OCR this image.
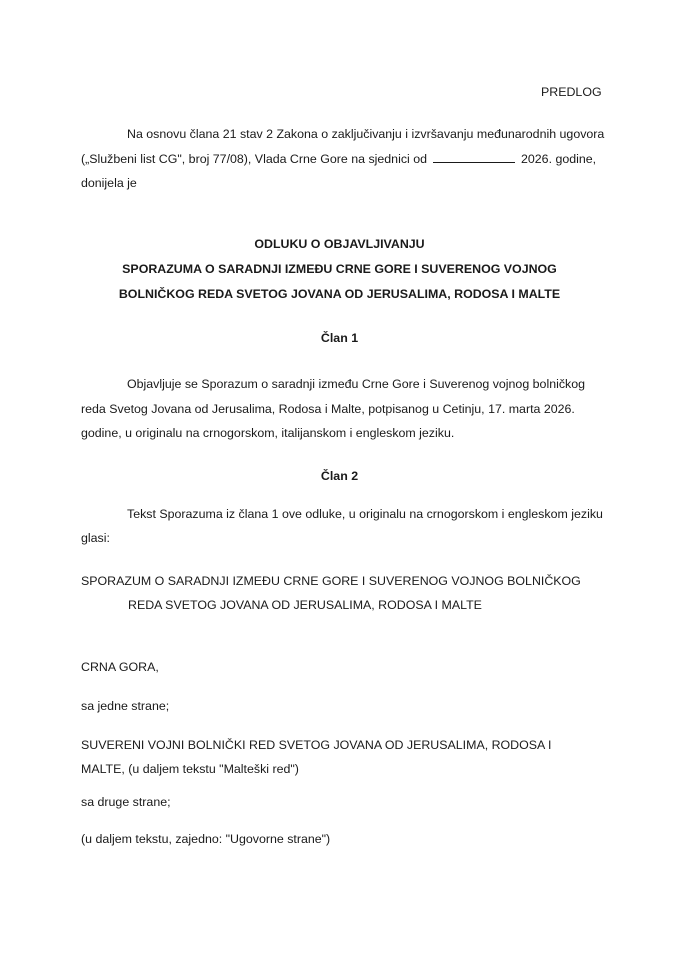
PREDLOG
Na osnovu člana 21 stav 2 Zakona o zaključivanju i izvršavanju međunarodnih ugovora
(„Službeni list CG", broj 77/08), Vlada Crne Gore na sjednici od	2026. godine,
donijela je
ODLUKU O OBJAVLJIVANJU
SPORAZUMA O SARADNJI IZMEĐU CRNE GORE I SUVERENOG VOJNOG
BOLNIČKOG REDA SVETOG JOVANA OD JERUSALIMA, RODOSA I MALTE
Član 1
Objavljuje se Sporazum o saradnji između Crne Gore i Suverenog vojnog bolničkog
reda Svetog Jovana od Jerusalima, Rodosa i Malte, potpisanog u Cetinju, 17. marta 2026.
godine, u originalu na crnogorskom, italijanskom i engleskom jeziku.
Član 2
Tekst Sporazuma iz člana 1 ove odluke, u originalu na crnogorskom i engleskom jeziku
glasi:
SPORAZUM O SARADNJI IZMEĐU CRNE GORE I SUVERENOG VOJNOG BOLNIČKOG
REDA SVETOG JOVANA OD JERUSALIMA, RODOSA I MALTE
CRNA GORA,
sa jedne strane;
SUVERENI VOJNI BOLNIČKI RED SVETOG JOVANA OD JERUSALIMA, RODOSA I
MALTE, (u daljem tekstu "Malteški red")
sa druge strane;
(u daljem tekstu, zajedno: "Ugovorne strane")
